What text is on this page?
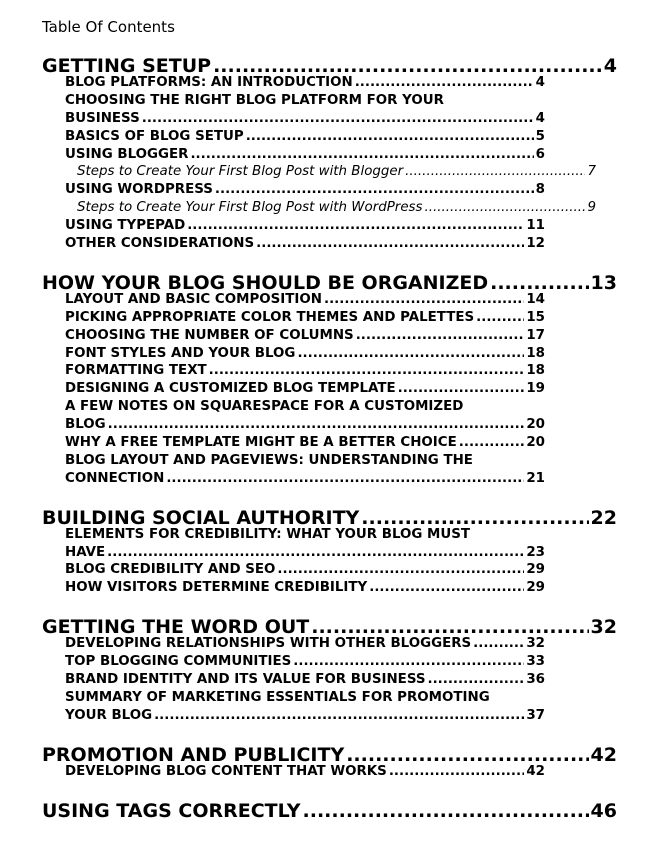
Table Of Contents
GETTING SETUP .....	4
BLOG PLATFORMS: AN INTRODUCTION .....	4
CHOOSING THE RIGHT BLOG PLATFORM FOR YOUR
BUSINESS .....	4
BASICS OF BLOG SETUP .....	5
USING BLOGGER .....	6
Steps to Create Your First Blog Post with Blogger .....	7
USING WORDPRESS .....	8
Steps to Create Your First Blog Post with WordPress .....	9
USING TYPEPAD .....	11
OTHER CONSIDERATIONS .....	12
HOW YOUR BLOG SHOULD BE ORGANIZED .....	13
LAYOUT AND BASIC COMPOSITION .....	14
PICKING APPROPRIATE COLOR THEMES AND PALETTES .....	15
CHOOSING THE NUMBER OF COLUMNS .....	17
FONT STYLES AND YOUR BLOG .....	18
FORMATTING TEXT .....	18
DESIGNING A CUSTOMIZED BLOG TEMPLATE .....	19
A FEW NOTES ON SQUARESPACE FOR A CUSTOMIZED
BLOG .....	20
WHY A FREE TEMPLATE MIGHT BE A BETTER CHOICE .....	20
BLOG LAYOUT AND PAGEVIEWS: UNDERSTANDING THE
CONNECTION .....	21
BUILDING SOCIAL AUTHORITY .....	22
ELEMENTS FOR CREDIBILITY: WHAT YOUR BLOG MUST
HAVE .....	23
BLOG CREDIBILITY AND SEO .....	29
HOW VISITORS DETERMINE CREDIBILITY .....	29
GETTING THE WORD OUT .....	32
DEVELOPING RELATIONSHIPS WITH OTHER BLOGGERS .....	32
TOP BLOGGING COMMUNITIES .....	33
BRAND IDENTITY AND ITS VALUE FOR BUSINESS .....	36
SUMMARY OF MARKETING ESSENTIALS FOR PROMOTING
YOUR BLOG .....	37
PROMOTION AND PUBLICITY .....	42
DEVELOPING BLOG CONTENT THAT WORKS .....	42
USING TAGS CORRECTLY .....	46
